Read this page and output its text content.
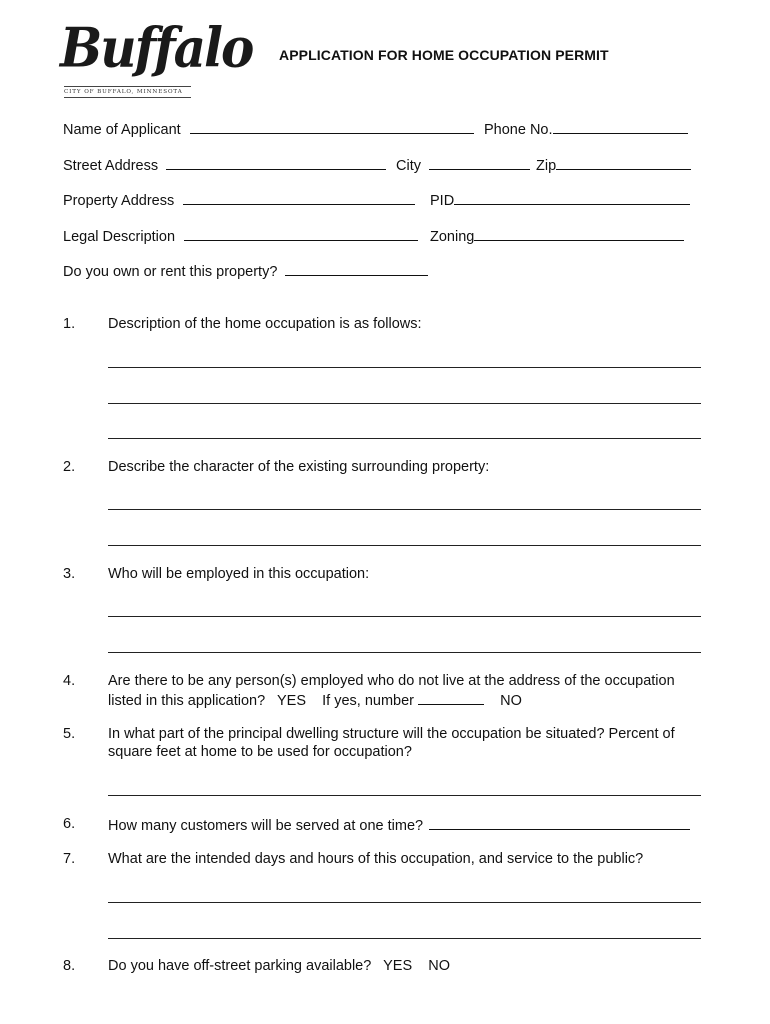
Buffalo
CITY OF BUFFALO, MINNESOTA
APPLICATION FOR HOME OCCUPATION PERMIT
Name of Applicant	Phone No.
Street Address	City	Zip
Property Address	PID
Legal Description	Zoning
Do you own or rent this property?
1. Description of the home occupation is as follows:
2. Describe the character of the existing surrounding property:
3. Who will be employed in this occupation:
4. Are there to be any person(s) employed who do not live at the address of the occupation
listed in this application?   YES    If yes, number	NO
5. In what part of the principal dwelling structure will the occupation be situated? Percent of
square feet at home to be used for occupation?
6. How many customers will be served at one time?
7. What are the intended days and hours of this occupation, and service to the public?
8. Do you have off-street parking available?   YES    NO
